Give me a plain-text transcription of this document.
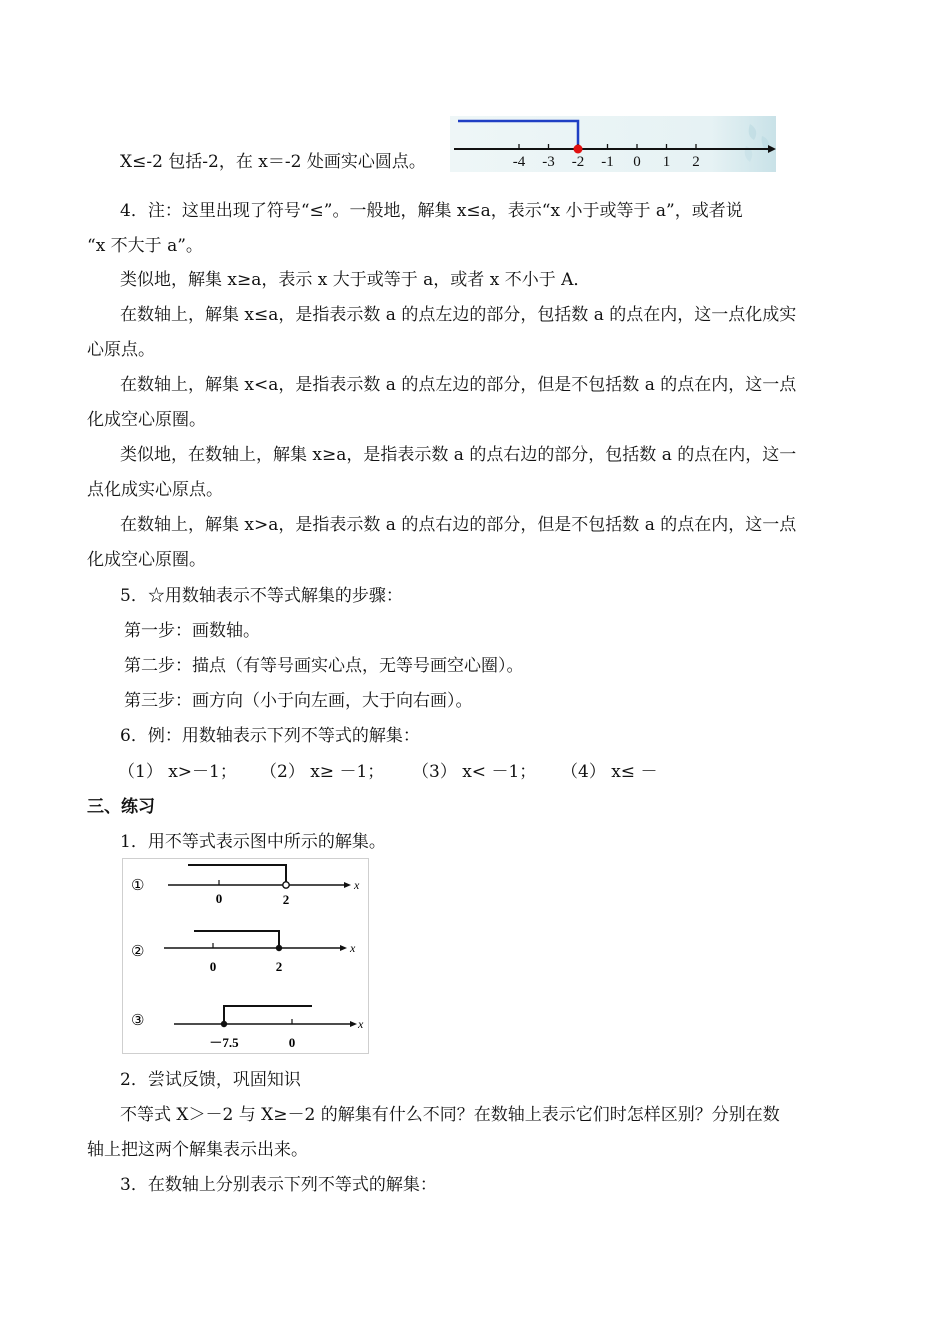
X≤-2 包括-2，在 x＝-2 处画实心圆点。	-4 -3 -2 -1 0 1 2
4．注：这里出现了符号“≤”。一般地，解集 x≤a，表示“x 小于或等于 a”，或者说
“x 不大于 a”。
类似地，解集 x≥a，表示 x 大于或等于 a，或者 x 不小于 A．
在数轴上，解集 x≤a，是指表示数 a 的点左边的部分，包括数 a 的点在内，这一点化成实
心原点。
在数轴上，解集 x<a，是指表示数 a 的点左边的部分，但是不包括数 a 的点在内，这一点
化成空心原圈。
类似地，在数轴上，解集 x≥a，是指表示数 a 的点右边的部分，包括数 a 的点在内，这一
点化成实心原点。
在数轴上，解集 x>a，是指表示数 a 的点右边的部分，但是不包括数 a 的点在内，这一点
化成空心原圈。
5．☆用数轴表示不等式解集的步骤：
第一步：画数轴。
第二步：描点（有等号画实心点，无等号画空心圈）。
第三步：画方向（小于向左画，大于向右画）。
6．例：用数轴表示下列不等式的解集：
（1） x>－1； （2） x≥ －1； （3） x< －1； （4） x≤ －
三、练习
1．用不等式表示图中所示的解集。
①	x
0	2
②	x
0	2
③	x
－7.5	0
2．尝试反馈，巩固知识
不等式 X＞－2 与 X≥－2 的解集有什么不同？在数轴上表示它们时怎样区别？分别在数
轴上把这两个解集表示出来。
3．在数轴上分别表示下列不等式的解集：
